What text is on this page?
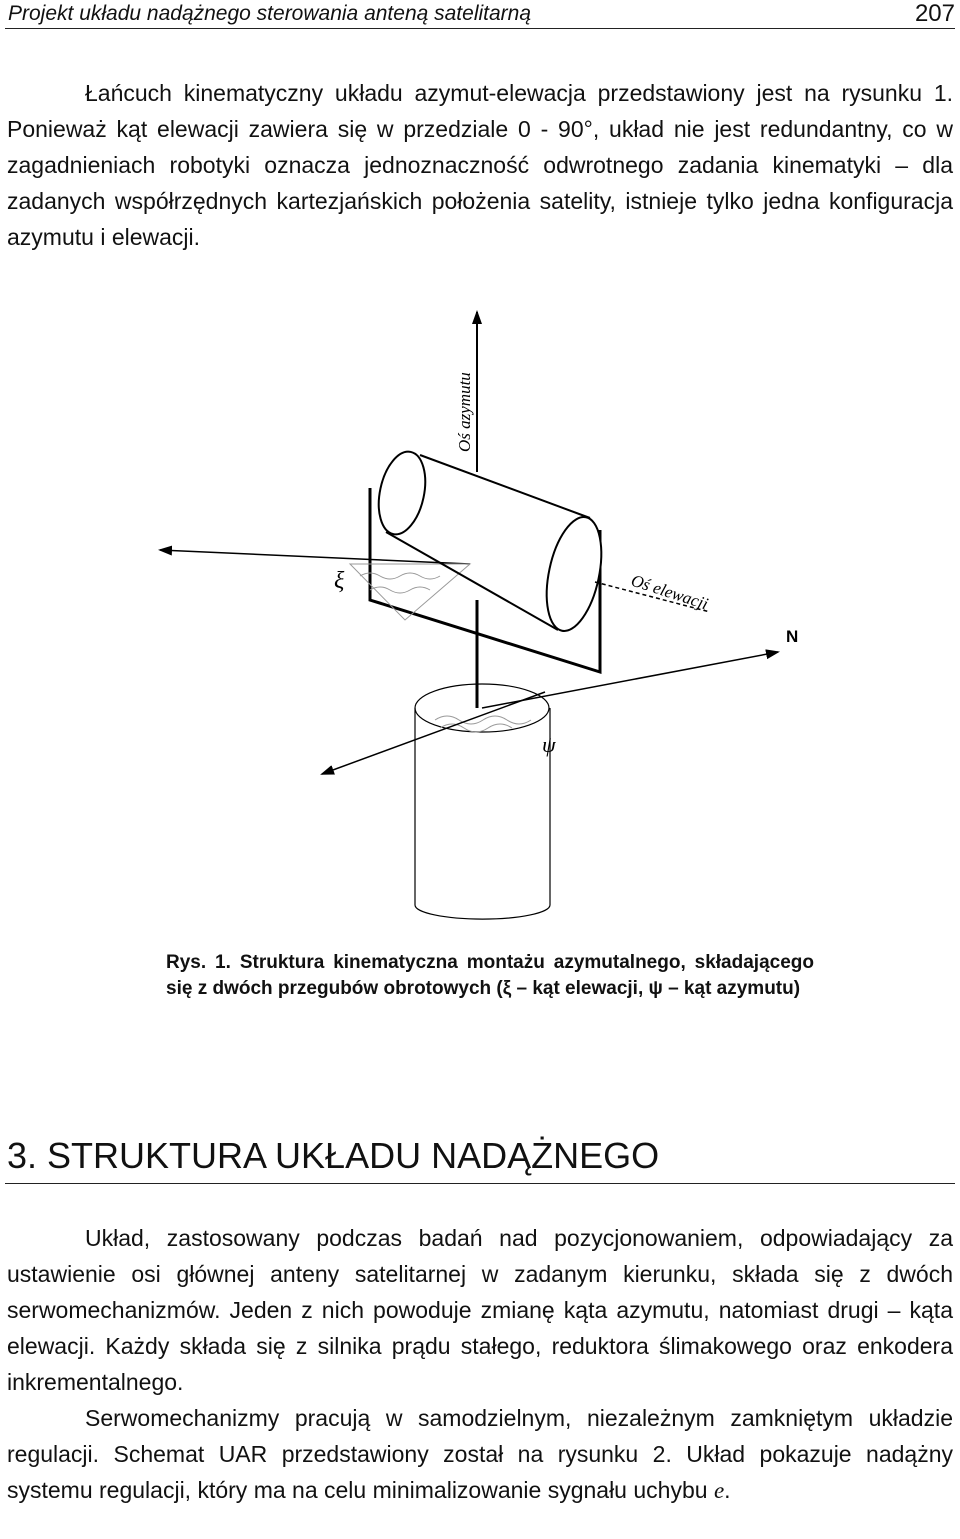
Projekt układu nadążnego sterowania anteną satelitarną	207

Łańcuch kinematyczny układu azymut-elewacja przedstawiony jest na rysunku 1. Ponieważ kąt elewacji zawiera się w przedziale 0 - 90°, układ nie jest redundantny, co w zagadnieniach robotyki oznacza jednoznaczność odwrotnego zadania kinematyki – dla zadanych współrzędnych kartezjańskich położenia satelity, istnieje tylko jedna konfiguracja azymutu i elewacji.

Oś azymutu
Oś elewacji
N
ξ
ψ
Rys. 1. Struktura kinematyczna montażu azymutalnego, składającego się z dwóch przegubów obrotowych (ξ – kąt elewacji, ψ – kąt azymutu)
3. STRUKTURA UKŁADU NADĄŻNEGO

Układ, zastosowany podczas badań nad pozycjonowaniem, odpowiadający za ustawienie osi głównej anteny satelitarnej w zadanym kierunku, składa się z dwóch serwomechanizmów. Jeden z nich powoduje zmianę kąta azymutu, natomiast drugi – kąta elewacji. Każdy składa się z silnika prądu stałego, reduktora ślimakowego oraz enkodera inkrementalnego.

Serwomechanizmy pracują w samodzielnym, niezależnym zamkniętym układzie regulacji. Schemat UAR przedstawiony został na rysunku 2. Układ pokazuje nadążny systemu regulacji, który ma na celu minimalizowanie sygnału uchybu e.
